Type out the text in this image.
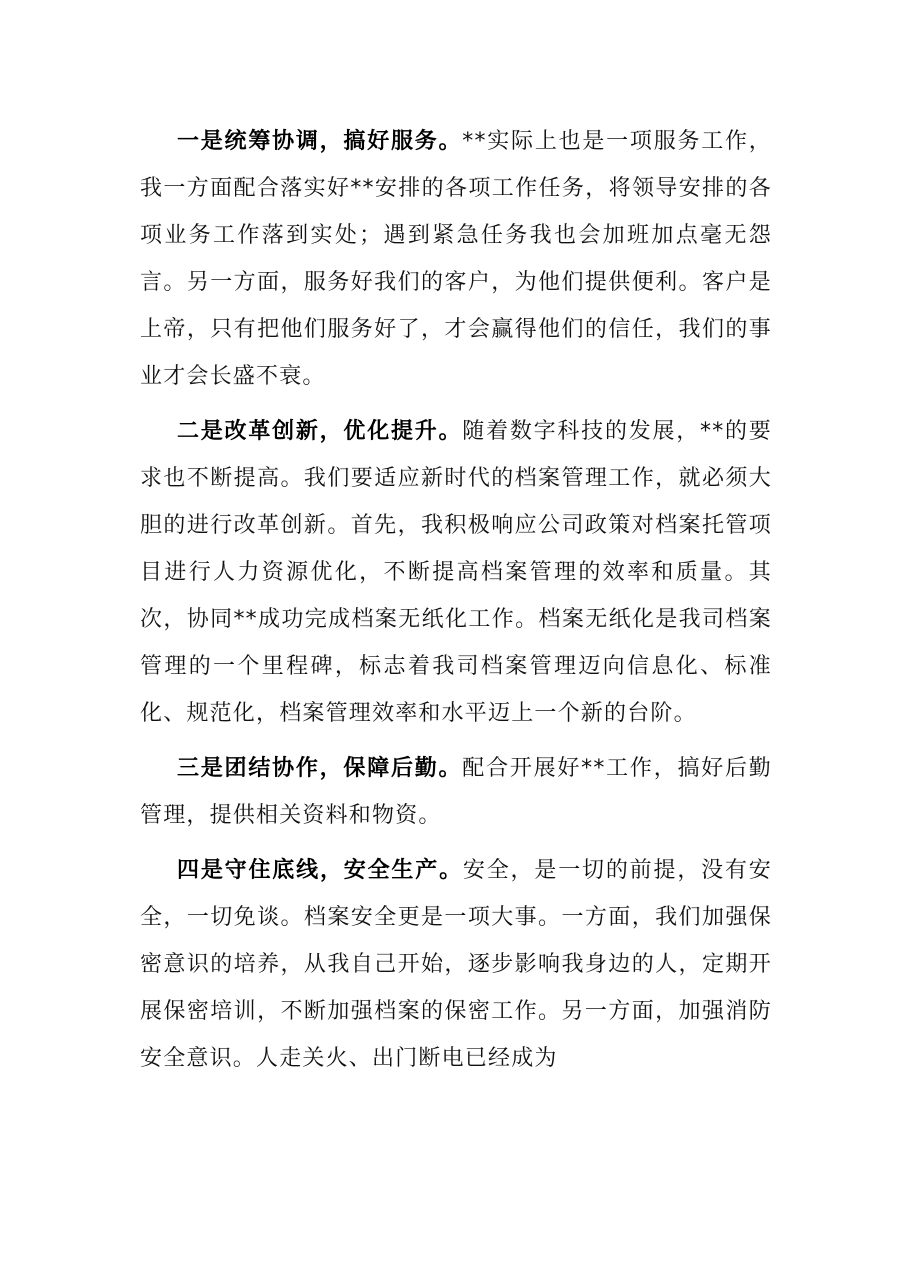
一是统筹协调，搞好服务。**实际上也是一项服务工作，我一方面配合落实好**安排的各项工作任务，将领导安排的各项业务工作落到实处；遇到紧急任务我也会加班加点毫无怨言。另一方面，服务好我们的客户，为他们提供便利。客户是上帝，只有把他们服务好了，才会赢得他们的信任，我们的事业才会长盛不衰。

二是改革创新，优化提升。随着数字科技的发展，**的要求也不断提高。我们要适应新时代的档案管理工作，就必须大胆的进行改革创新。首先，我积极响应公司政策对档案托管项目进行人力资源优化，不断提高档案管理的效率和质量。其次，协同**成功完成档案无纸化工作。档案无纸化是我司档案管理的一个里程碑，标志着我司档案管理迈向信息化、标准化、规范化，档案管理效率和水平迈上一个新的台阶。

三是团结协作，保障后勤。配合开展好**工作，搞好后勤管理，提供相关资料和物资。

四是守住底线，安全生产。安全，是一切的前提，没有安全，一切免谈。档案安全更是一项大事。一方面，我们加强保密意识的培养，从我自己开始，逐步影响我身边的人，定期开展保密培训，不断加强档案的保密工作。另一方面，加强消防安全意识。人走关火、出门断电已经成为
